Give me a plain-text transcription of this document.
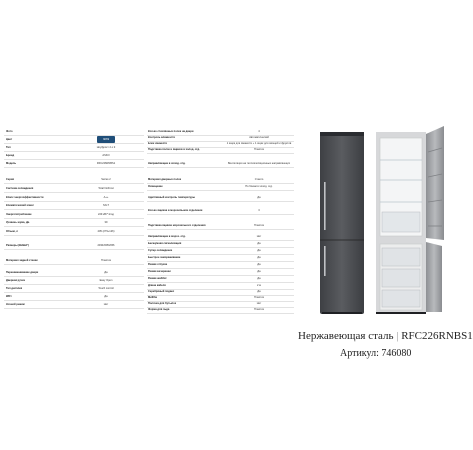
Фото
Цвет	ЭЛЭ
Тип	Ноуфрост 2-х К
Бренд	ASKO
Модель	RFC226RNBS1
Серия	Series 2
Система охлаждения	Total NoFrost
Класс энергоэффективности	A++
Климатический класс	SN-T
Энергопотребление	229 кВт*ч/год
Уровень шума, дБ	39
Объем, л	405 (279+126)
Размеры (ВxШxГ)	2030x595x656
Материал задней стенки	Пластик
Перенавешивание двери	Да
Дверная ручка	Easy Open
Тип дисплея	Touch control
WiFi	Да
Ночной режим	Нет
Кол-во стеклянных полок на двери	4
Контроль влажности	Автоматический
Блок свежести	1 ящик для свежести + 1 ящик для овощей и фруктов
Подставка полок и ящиков в холод. отд.	Пластик
Направляющие в холод. отд.	Вентиляция на теплоизоляционных направляющих
Материал дверных полок	Стекло
Освещение	По бокам в холод. отд.
Адаптивный контроль температуры	Да
Кол-во ящиков в морозильном отделении	3
Подставка ящиков морозильного отделения	Пластик
Направляющие в мороз. отд.	Нет
Бесшумная сигнализация	Да
Супер охлаждение	Да
Быстрое замораживание	Да
Режим отпуска	Да
Режим вечеринки	Да
Режим шаббат	Да
Длина кабеля	2 м
Серебряный подвес	Да
МиФбе	Пластик
Полочка для бутылок	Нет
Форма для льда	Пластик
Нержавеющая сталь | RFC226RNBS1
Артикул: 746080
